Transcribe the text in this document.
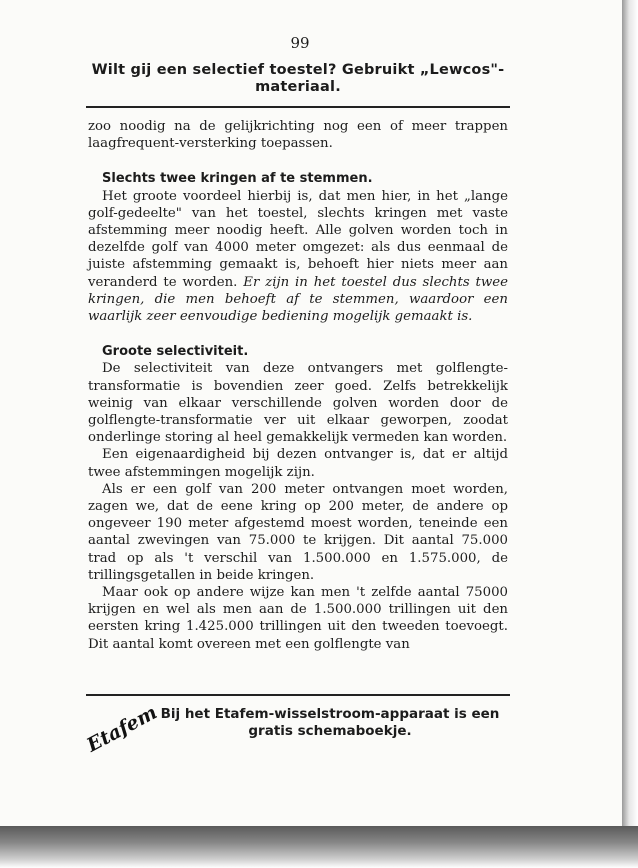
99
Wilt gij een selectief toestel? Gebruikt „Lewcos"-
materiaal.

zoo noodig na de gelijkrichting nog een of meer trappen laagfrequent-versterking toepassen.

Slechts twee kringen af te stemmen.

Het groote voordeel hierbij is, dat men hier, in het „lange golf-gedeelte" van het toestel, slechts kringen met vaste afstemming meer noodig heeft. Alle golven worden toch in dezelfde golf van 4000 meter omgezet: als dus eenmaal de juiste afstemming gemaakt is, behoeft hier niets meer aan veranderd te worden. Er zijn in het toestel dus slechts twee kringen, die men behoeft af te stemmen, waardoor een waarlijk zeer eenvoudige bediening mogelijk gemaakt is.

Groote selectiviteit.

De selectiviteit van deze ontvangers met golflengte-transformatie is bovendien zeer goed. Zelfs betrekkelijk weinig van elkaar verschillende golven worden door de golflengte-transformatie ver uit elkaar geworpen, zoodat onderlinge storing al heel gemakkelijk vermeden kan worden.

Een eigenaardigheid bij dezen ontvanger is, dat er altijd twee afstemmingen mogelijk zijn.

Als er een golf van 200 meter ontvangen moet worden, zagen we, dat de eene kring op 200 meter, de andere op ongeveer 190 meter afgestemd moest worden, teneinde een aantal zwevingen van 75.000 te krijgen. Dit aantal 75.000 trad op als 't verschil van 1.500.000 en 1.575.000, de trillingsgetallen in beide kringen.

Maar ook op andere wijze kan men 't zelfde aantal 75000 krijgen en wel als men aan de 1.500.000 trillingen uit den eersten kring 1.425.000 trillingen uit den tweeden toevoegt. Dit aantal komt overeen met een golflengte van

Etafem Bij het Etafem-wisselstroom-apparaat is een
gratis schemaboekje.
